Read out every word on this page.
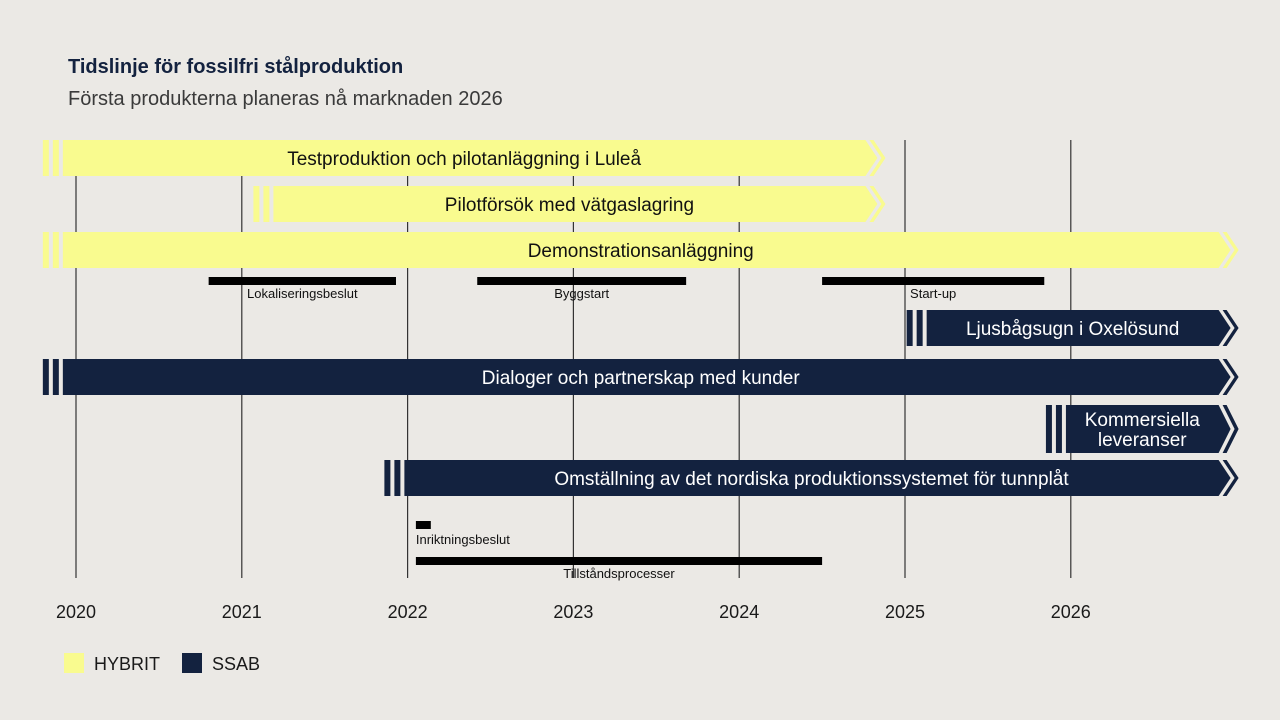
Tidslinje för fossilfri stålproduktion
Första produkterna planeras nå marknaden 2026
2020	2021	2022	2023	2024	2025	2026
Testproduktion och pilotanläggning i Luleå
Pilotförsök med vätgaslagring
Demonstrationsanläggning
Ljusbågsugn i Oxelösund
Dialoger och partnerskap med kunder
Kommersiella
leveranser
Omställning av det nordiska produktionssystemet för tunnplåt
Lokaliseringsbeslut	Byggstart	Start-up
Inriktningsbeslut
Tillståndsprocesser
HYBRIT	SSAB
